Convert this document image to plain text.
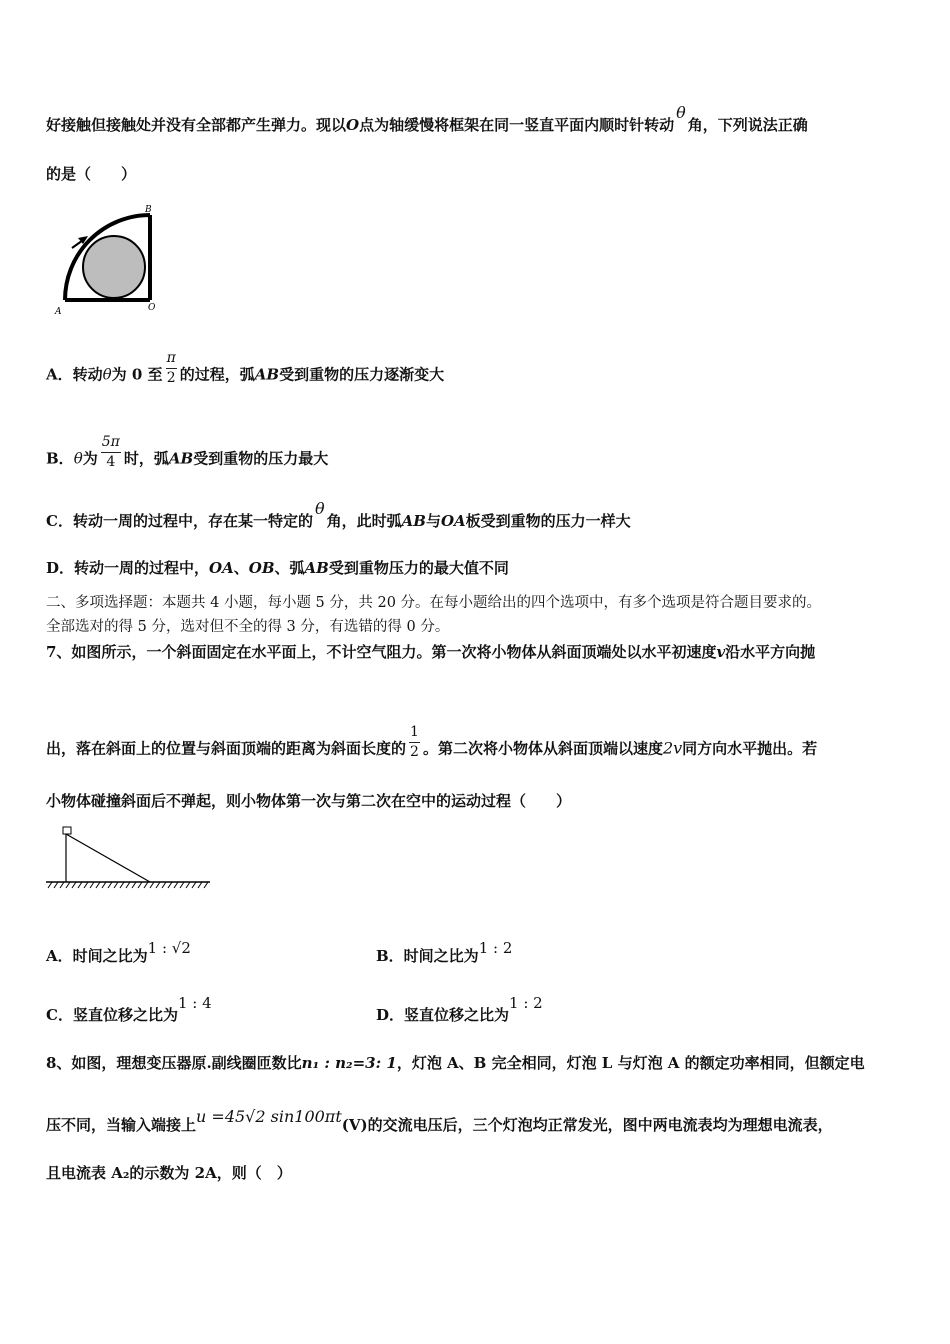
好接触但接触处并没有全部都产生弹力。现以O点为轴缓慢将框架在同一竖直平面内顺时针转动θ角，下列说法正确
的是（　　）
B
A	O
A．转动θ为 0 至 $\frac{\pi}{2}$ 的过程，弧AB受到重物的压力逐渐变大
B．θ为 $\frac{5\pi}{4}$ 时，弧AB受到重物的压力最大
C．转动一周的过程中，存在某一特定的θ角，此时弧AB与OA板受到重物的压力一样大
D．转动一周的过程中，OA、OB、弧AB受到重物压力的最大值不同
二、多项选择题：本题共 4 小题，每小题 5 分，共 20 分。在每小题给出的四个选项中，有多个选项是符合题目要求的。
全部选对的得 5 分，选对但不全的得 3 分，有选错的得 0 分。
7、如图所示，一个斜面固定在水平面上，不计空气阻力。第一次将小物体从斜面顶端处以水平初速度v沿水平方向抛
出，落在斜面上的位置与斜面顶端的距离为斜面长度的 $\frac{1}{2}$ 。第二次将小物体从斜面顶端以速度2v同方向水平抛出。若
小物体碰撞斜面后不弹起，则小物体第一次与第二次在空中的运动过程（　　）
A．时间之比为1 : √2	B．时间之比为1 : 2
C．竖直位移之比为1 : 4
D．竖直位移之比为1 : 2
8、如图，理想变压器原.副线圈匝数比n₁ : n₂=3: 1，灯泡 A、B 完全相同，灯泡 L 与灯泡 A 的额定功率相同，但额定电
压不同，当输入端接上u =45√2 sin100πt(V)的交流电压后，三个灯泡均正常发光，图中两电流表均为理想电流表，
且电流表 A₂的示数为 2A，则（　）
